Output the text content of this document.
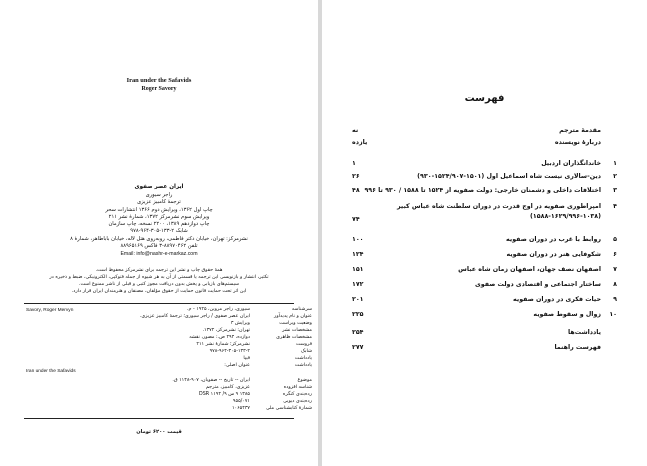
Iran under the Safavids
Roger Savory
ایران عصر صفوی
راجر سیوری
ترجمهٔ کامبیز عزیزی
چاپ اول ۱۳۶۲، ویرایش دوم ۱۳۶۶ انتشارات سحر
ویرایش سوم نشرمرکز ۱۳۷۲، شمارهٔ نشر ۲۱۱
چاپ دوازدهم ۱۳۸۹، ۲۲۰۰ نسخه، چاپ سازمان
شابک ۲-۱۳۳-۳۰۵-۹۶۴-۹۷۸
نشرمرکز: تهران، خیابان دکتر فاطمی، روبه‌روی هتل لاله، خیابان باباطاهر، شمارهٔ ۸
تلفن ۸۸۹۷۰۴۶۲-۳ فاکس ۸۸۹۶۵۱۶۹
Email: info@nashr-e-markaz.com
همهٔ حقوق چاپ و نشر این ترجمه برای نشرمرکز محفوظ است.
تکثیر، انتشار و بازنویسی این ترجمه یا قسمتی از آن به هر شیوه از جمله فتوکپی، الکترونیکی، ضبط و ذخیره در
سیستم‌های بازیابی و پخش بدون دریافت مجوز کتبی و قبلی از ناشر ممنوع است.
این اثر تحت حمایت قانون حمایت از حقوق مؤلفان، مصنفان و هنرمندان ایران قرار دارد.
Savory, Roger Mervyn
Iran under the Safavids
سرشناسه
سیوری، راجر مروین، ۱۹۲۵ - م.
عنوان و نام پدیدآور
ایران عصر صفوی / راجر سیوری؛ ترجمهٔ کامبیز عزیزی.
وضعیت ویراست
ویرایش ۳
مشخصات نشر
تهران: نشرمرکز، ۱۳۷۲.
مشخصات ظاهری
دوازده، ۲۹۴ ص.: مصور، نقشه
فروست
نشرمرکز؛ شمارهٔ نشر ۲۱۱
شابک
۹۷۸-۹۶۴-۳۰۵-۱۳۳-۲
یادداشت
فیپا
یادداشت
عنوان اصلی:
موضوع
ایران -- تاریخ -- صفویان، ۹۰۷-۱۱۴۸ ق.
شناسه افزوده
عزیزی، کامبیز، مترجم
رده‌بندی کنگره
۱۳۸۵ ۹ س ۹/ DSR ۱۱۹۴
رده‌بندی دیویی
۹۵۵/۰۷۱
شمارهٔ کتابشناسی ملی
۱۰۶۵۴۳۷
قیمت ۶۲۰۰ تومان
فهرست
مقدمهٔ مترجم
نه
دربارهٔ نویسنده
یازده
۱
خاندانگذاران اردبیل
۱
۲
دین-سالاری نیست شاه اسماعیل اول (۱۵۰۱-۱۵۲۴/۹۰۷-۹۳۰)
۲۶
۳
اختلافات داخلی و دشمنان خارجی: دولت صفویه از ۱۵۲۴ تا ۱۵۸۸ / ۹۳۰ تا ۹۹۶
۴۸
۴
امپراطوری صفویه در اوج قدرت در دوران سلطنت شاه عباس کبیر
(۱۵۸۸-۱۶۲۹/۹۹۶-۱۰۳۸)
۷۴
۵
روابط با غرب در دوران صفویه
۱۰۰
۶
شکوفایی هنر در دوران صفویه
۱۲۴
۷
اصفهان نصف جهان، اصفهان زمان شاه عباس
۱۵۱
۸
ساختار اجتماعی و اقتصادی دولت صفوی
۱۷۲
۹
حیات فکری در دوران صفویه
۲۰۱
۱۰
زوال و سقوط صفویه
۲۲۵
یادداشت‌ها
۲۵۴
فهرست راهنما
۲۷۷
